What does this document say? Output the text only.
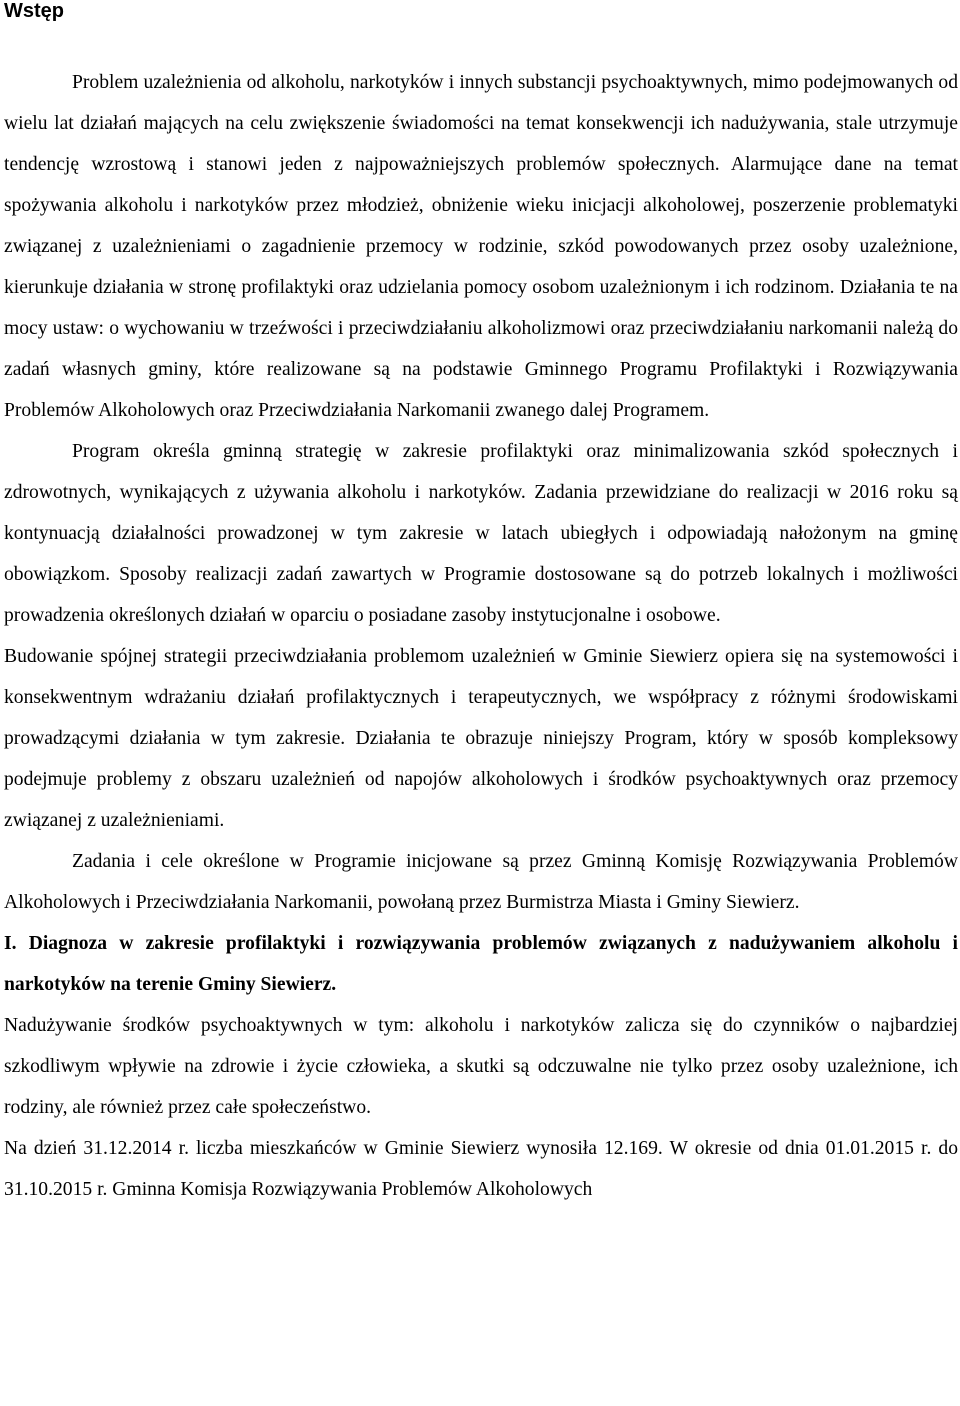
Wstęp

Problem uzależnienia od alkoholu, narkotyków i innych substancji psychoaktywnych, mimo podejmowanych od wielu lat działań mających na celu zwiększenie świadomości na temat konsekwencji ich nadużywania, stale utrzymuje tendencję wzrostową i stanowi jeden z najpoważniejszych problemów społecznych. Alarmujące dane na temat spożywania alkoholu i narkotyków przez młodzież, obniżenie wieku inicjacji alkoholowej, poszerzenie problematyki związanej z uzależnieniami o zagadnienie przemocy w rodzinie, szkód powodowanych przez osoby uzależnione, kierunkuje działania w stronę profilaktyki oraz udzielania pomocy osobom uzależnionym i ich rodzinom. Działania te na mocy ustaw: o wychowaniu w trzeźwości i przeciwdziałaniu alkoholizmowi oraz przeciwdziałaniu narkomanii należą do zadań własnych gminy, które realizowane są na podstawie Gminnego Programu Profilaktyki i Rozwiązywania Problemów Alkoholowych oraz Przeciwdziałania Narkomanii zwanego dalej Programem.

Program określa gminną strategię w zakresie profilaktyki oraz minimalizowania szkód społecznych i zdrowotnych, wynikających z używania alkoholu i narkotyków. Zadania przewidziane do realizacji w 2016 roku są kontynuacją działalności prowadzonej w tym zakresie w latach ubiegłych i odpowiadają nałożonym na gminę obowiązkom. Sposoby realizacji zadań zawartych w Programie dostosowane są do potrzeb lokalnych i możliwości prowadzenia określonych działań w oparciu o posiadane zasoby instytucjonalne i osobowe.

Budowanie spójnej strategii przeciwdziałania problemom uzależnień w Gminie Siewierz opiera się na systemowości i konsekwentnym wdrażaniu działań profilaktycznych i terapeutycznych, we współpracy z różnymi środowiskami prowadzącymi działania w tym zakresie. Działania te obrazuje niniejszy Program, który w sposób kompleksowy podejmuje problemy z obszaru uzależnień od napojów alkoholowych i środków psychoaktywnych oraz przemocy związanej z uzależnieniami.

Zadania i cele określone w Programie inicjowane są przez Gminną Komisję Rozwiązywania Problemów Alkoholowych i Przeciwdziałania Narkomanii, powołaną przez Burmistrza Miasta i Gminy Siewierz.

I. Diagnoza w zakresie profilaktyki i rozwiązywania problemów związanych z nadużywaniem alkoholu i narkotyków na terenie Gminy Siewierz.

Nadużywanie środków psychoaktywnych w tym: alkoholu i narkotyków zalicza się do czynników o najbardziej szkodliwym wpływie na zdrowie i życie człowieka, a skutki są odczuwalne nie tylko przez osoby uzależnione, ich rodziny, ale również przez całe społeczeństwo.

Na dzień 31.12.2014 r. liczba mieszkańców w Gminie Siewierz wynosiła 12.169. W okresie od dnia 01.01.2015 r. do 31.10.2015 r. Gminna Komisja Rozwiązywania Problemów Alkoholowych
